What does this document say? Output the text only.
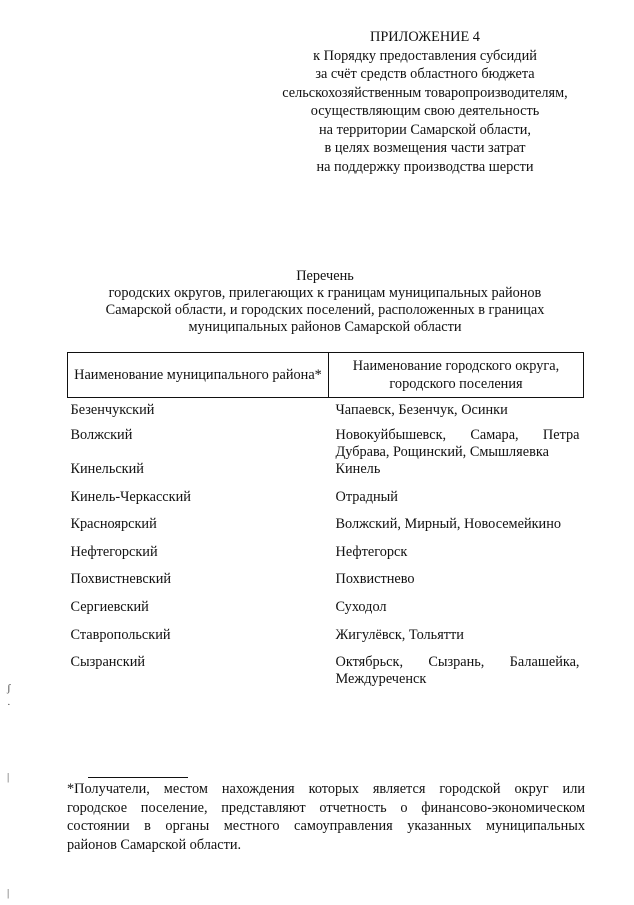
ПРИЛОЖЕНИЕ 4
к Порядку предоставления субсидий
за счёт средств областного бюджета
сельскохозяйственным товаропроизводителям,
осуществляющим свою деятельность
на территории Самарской области,
в целях возмещения части затрат
на поддержку производства шерсти
Перечень
городских округов, прилегающих к границам муниципальных районов
Самарской области, и городских поселений, расположенных в границах
муниципальных районов Самарской области
Наименование муниципального района*	Наименование городского округа, городского поселения
Безенчукский	Чапаевск, Безенчук, Осинки
Волжский	Новокуйбышевск, Самара, Петра Дубрава, Рощинский, Смышляевка
Кинельский	Кинель
Кинель-Черкасский	Отрадный
Красноярский	Волжский, Мирный, Новосемейкино
Нефтегорский	Нефтегорск
Похвистневский	Похвистнево
Сергиевский	Суходол
Ставропольский	Жигулёвск, Тольятти
Сызранский	Октябрьск, Сызрань, Балашейка, Междуреченск
*Получатели, местом нахождения которых является городской округ или
городское поселение, представляют отчетность о финансово-экономическом
состоянии в органы местного самоуправления указанных муниципальных
районов Самарской области.
ʃ
·
|
|
